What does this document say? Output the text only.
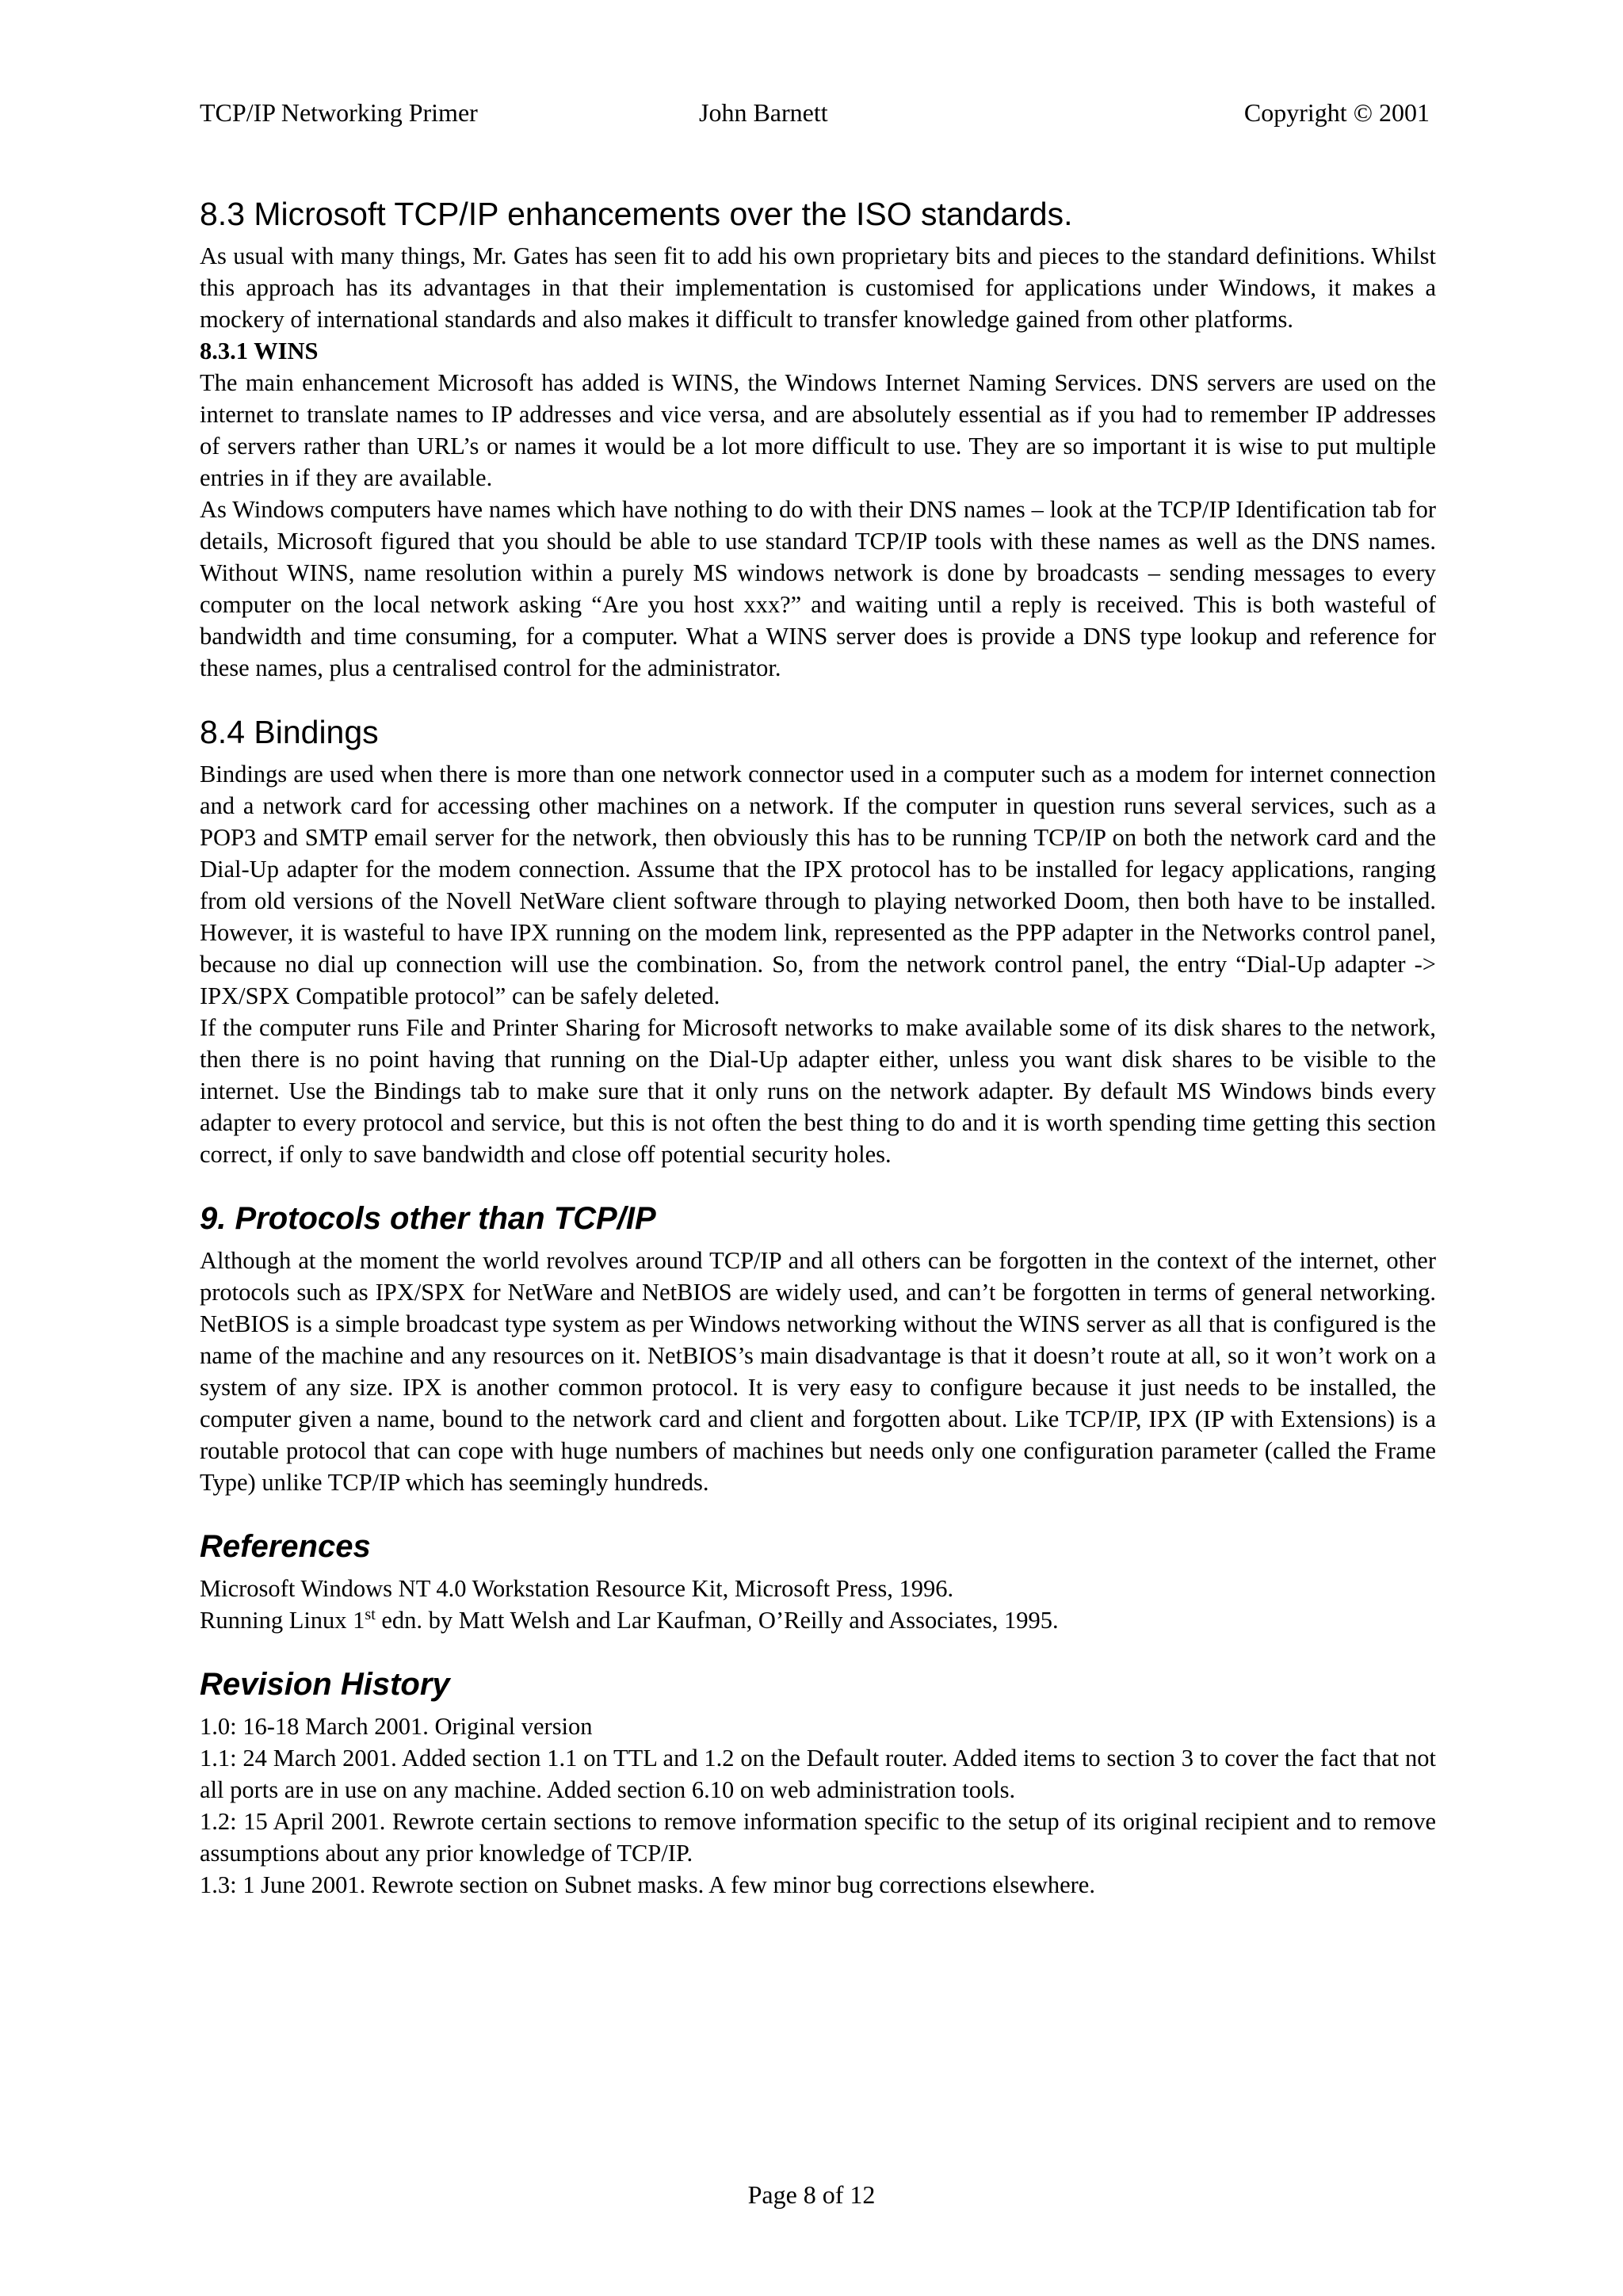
TCP/IP Networking Primer	John Barnett	Copyright © 2001
8.3 Microsoft TCP/IP enhancements over the ISO standards.

As usual with many things, Mr. Gates has seen fit to add his own proprietary bits and pieces to the standard definitions. Whilst this approach has its advantages in that their implementation is customised for applications under Windows, it makes a mockery of international standards and also makes it difficult to transfer knowledge gained from other platforms.

8.3.1 WINS

The main enhancement Microsoft has added is WINS, the Windows Internet Naming Services. DNS servers are used on the internet to translate names to IP addresses and vice versa, and are absolutely essential as if you had to remember IP addresses of servers rather than URL’s or names it would be a lot more difficult to use. They are so important it is wise to put multiple entries in if they are available.

As Windows computers have names which have nothing to do with their DNS names – look at the TCP/IP Identification tab for details, Microsoft figured that you should be able to use standard TCP/IP tools with these names as well as the DNS names. Without WINS, name resolution within a purely MS windows network is done by broadcasts – sending messages to every computer on the local network asking “Are you host xxx?” and waiting until a reply is received. This is both wasteful of bandwidth and time consuming, for a computer. What a WINS server does is provide a DNS type lookup and reference for these names, plus a centralised control for the administrator.

8.4 Bindings

Bindings are used when there is more than one network connector used in a computer such as a modem for internet connection and a network card for accessing other machines on a network. If the computer in question runs several services, such as a POP3 and SMTP email server for the network, then obviously this has to be running TCP/IP on both the network card and the Dial-Up adapter for the modem connection. Assume that the IPX protocol has to be installed for legacy applications, ranging from old versions of the Novell NetWare client software through to playing networked Doom, then both have to be installed. However, it is wasteful to have IPX running on the modem link, represented as the PPP adapter in the Networks control panel, because no dial up connection will use the combination. So, from the network control panel, the entry “Dial-Up adapter -> IPX/SPX Compatible protocol” can be safely deleted.

If the computer runs File and Printer Sharing for Microsoft networks to make available some of its disk shares to the network, then there is no point having that running on the Dial-Up adapter either, unless you want disk shares to be visible to the internet. Use the Bindings tab to make sure that it only runs on the network adapter. By default MS Windows binds every adapter to every protocol and service, but this is not often the best thing to do and it is worth spending time getting this section correct, if only to save bandwidth and close off potential security holes.

9. Protocols other than TCP/IP

Although at the moment the world revolves around TCP/IP and all others can be forgotten in the context of the internet, other protocols such as IPX/SPX for NetWare and NetBIOS are widely used, and can’t be forgotten in terms of general networking. NetBIOS is a simple broadcast type system as per Windows networking without the WINS server as all that is configured is the name of the machine and any resources on it. NetBIOS’s main disadvantage is that it doesn’t route at all, so it won’t work on a system of any size. IPX is another common protocol. It is very easy to configure because it just needs to be installed, the computer given a name, bound to the network card and client and forgotten about. Like TCP/IP, IPX (IP with Extensions) is a routable protocol that can cope with huge numbers of machines but needs only one configuration parameter (called the Frame Type) unlike TCP/IP which has seemingly hundreds.

References

Microsoft Windows NT 4.0 Workstation Resource Kit, Microsoft Press, 1996.

Running Linux 1st edn. by Matt Welsh and Lar Kaufman, O’Reilly and Associates, 1995.

Revision History

1.0: 16-18 March 2001. Original version

1.1: 24 March 2001. Added section 1.1 on TTL and 1.2 on the Default router. Added items to section 3 to cover the fact that not all ports are in use on any machine. Added section 6.10 on web administration tools.

1.2: 15 April 2001. Rewrote certain sections to remove information specific to the setup of its original recipient and to remove assumptions about any prior knowledge of TCP/IP.

1.3: 1 June 2001. Rewrote section on Subnet masks. A few minor bug corrections elsewhere.

Page 8 of 12
